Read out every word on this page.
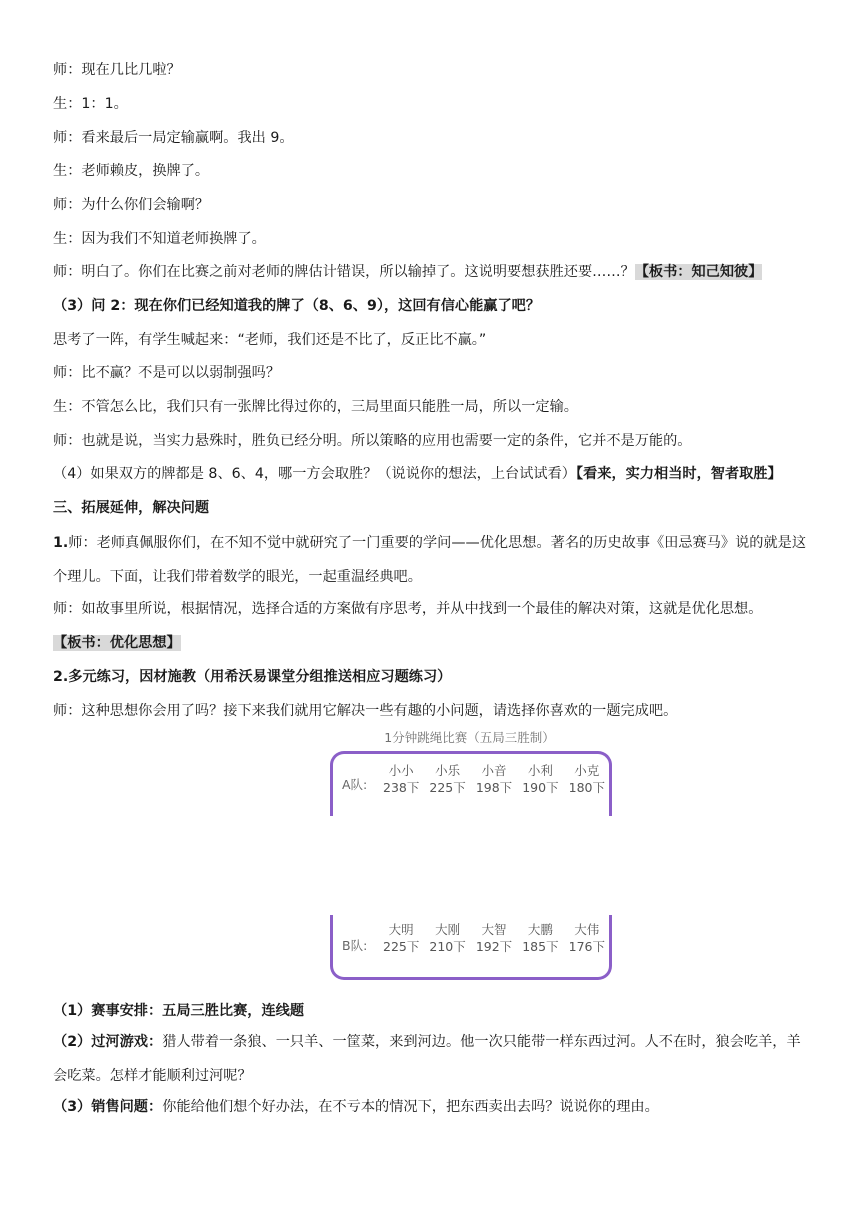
师：现在几比几啦？
生：1：1。
师：看来最后一局定输赢啊。我出 9。
生：老师赖皮，换牌了。
师：为什么你们会输啊？
生：因为我们不知道老师换牌了。
师：明白了。你们在比赛之前对老师的牌估计错误，所以输掉了。这说明要想获胜还要……？【板书：知己知彼】
（3）问 2：现在你们已经知道我的牌了（8、6、9），这回有信心能赢了吧？
思考了一阵，有学生喊起来：“老师，我们还是不比了，反正比不赢。”
师：比不赢？不是可以以弱制强吗？
生：不管怎么比，我们只有一张牌比得过你的，三局里面只能胜一局，所以一定输。
师：也就是说，当实力悬殊时，胜负已经分明。所以策略的应用也需要一定的条件，它并不是万能的。
（4）如果双方的牌都是 8、6、4，哪一方会取胜？（说说你的想法，上台试试看）【看来，实力相当时，智者取胜】
三、拓展延伸，解决问题
1.师：老师真佩服你们，在不知不觉中就研究了一门重要的学问——优化思想。著名的历史故事《田忌赛马》说的就是这个理儿。下面，让我们带着数学的眼光，一起重温经典吧。
师：如故事里所说，根据情况，选择合适的方案做有序思考，并从中找到一个最佳的解决对策，这就是优化思想。
【板书：优化思想】
2.多元练习，因材施教（用希沃易课堂分组推送相应习题练习）
师：这种思想你会用了吗？接下来我们就用它解决一些有趣的小问题，请选择你喜欢的一题完成吧。
1分钟跳绳比赛（五局三胜制）
A队:
小小
238下
小乐
225下
小音
198下
小利
190下
小克
180下
B队:
大明
225下
大刚
210下
大智
192下
大鹏
185下
大伟
176下
（1）赛事安排：五局三胜比赛，连线题
（2）过河游戏：猎人带着一条狼、一只羊、一筐菜，来到河边。他一次只能带一样东西过河。人不在时，狼会吃羊，羊会吃菜。怎样才能顺利过河呢？
（3）销售问题：你能给他们想个好办法，在不亏本的情况下，把东西卖出去吗？说说你的理由。
